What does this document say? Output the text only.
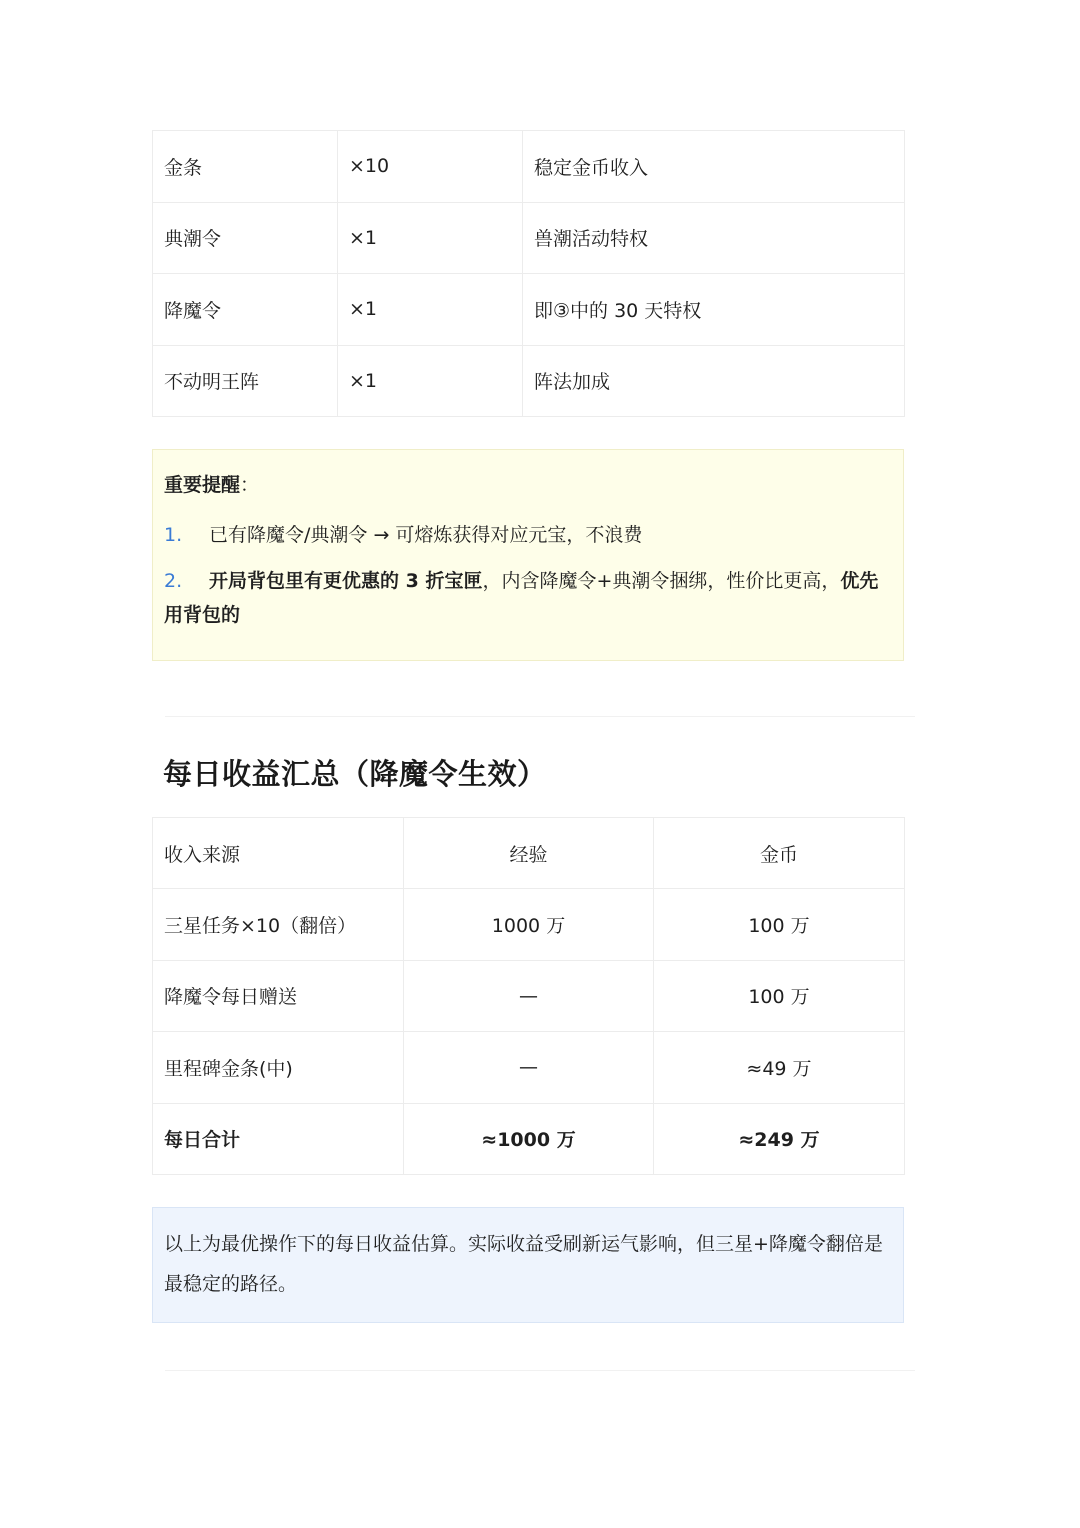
金条	×10	稳定金币收入
典潮令	×1	兽潮活动特权
降魔令	×1	即③中的 30 天特权
不动明王阵	×1	阵法加成
重要提醒：
1. 已有降魔令/典潮令 → 可熔炼获得对应元宝，不浪费
2. 开局背包里有更优惠的 3 折宝匣，内含降魔令+典潮令捆绑，性价比更高，优先用背包的
每日收益汇总（降魔令生效）
收入来源	经验	金币
三星任务×10（翻倍）	1000 万	100 万
降魔令每日赠送	—	100 万
里程碑金条(中)	—	≈49 万
每日合计	≈1000 万	≈249 万
以上为最优操作下的每日收益估算。实际收益受刷新运气影响，但三星+降魔令翻倍是最稳定的路径。
